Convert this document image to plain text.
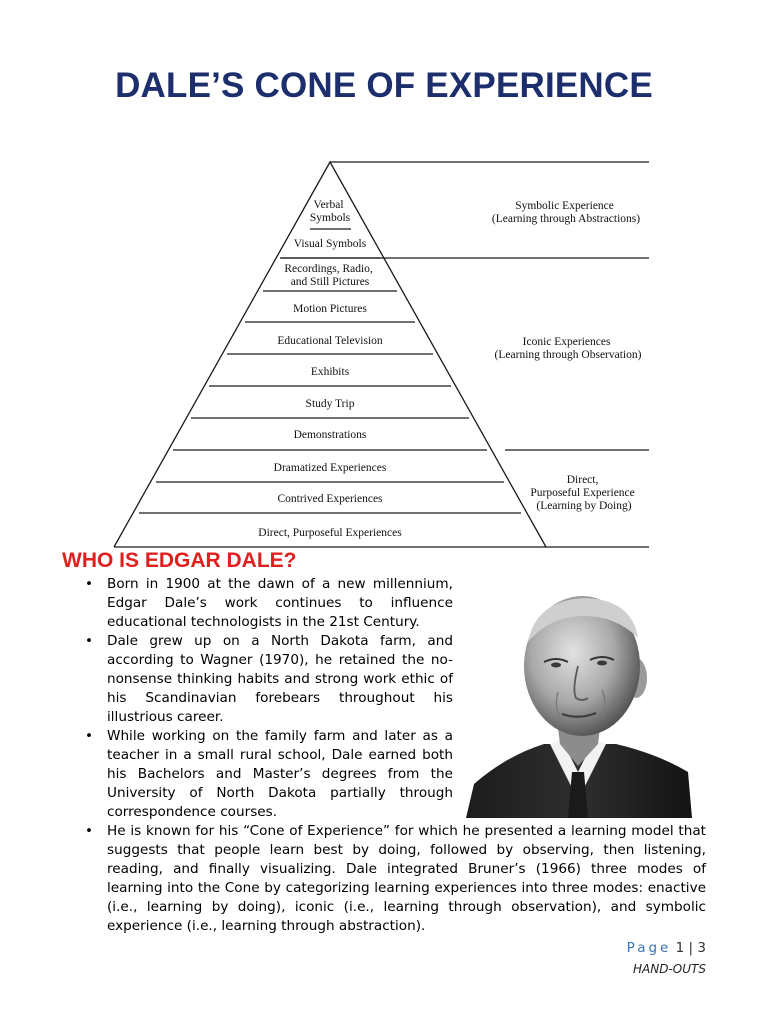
DALE’S CONE OF EXPERIENCE
Verbal Symbols
Visual Symbols
Recordings, Radio, and Still Pictures
Motion Pictures
Educational Television
Exhibits
Study Trip
Demonstrations
Dramatized Experiences
Contrived Experiences
Direct, Purposeful Experiences
Symbolic Experience (Learning through Abstractions)
Iconic Experiences (Learning through Observation)
Direct, Purposeful Experience (Learning by Doing)
WHO IS EDGAR DALE?
• Born in 1900 at the dawn of a new millennium, Edgar Dale’s work continues to influence educational technologists in the 21st Century.
• Dale grew up on a North Dakota farm, and according to Wagner (1970), he retained the no-nonsense thinking habits and strong work ethic of his Scandinavian forebears throughout his illustrious career.
• While working on the family farm and later as a teacher in a small rural school, Dale earned both his Bachelors and Master’s degrees from the University of North Dakota partially through correspondence courses.
• He is known for his “Cone of Experience” for which he presented a learning model that suggests that people learn best by doing, followed by observing, then listening, reading, and finally visualizing. Dale integrated Bruner’s (1966) three modes of learning into the Cone by categorizing learning experiences into three modes: enactive (i.e., learning by doing), iconic (i.e., learning through observation), and symbolic experience (i.e., learning through abstraction).
Page 1 | 3
HAND-OUTS
